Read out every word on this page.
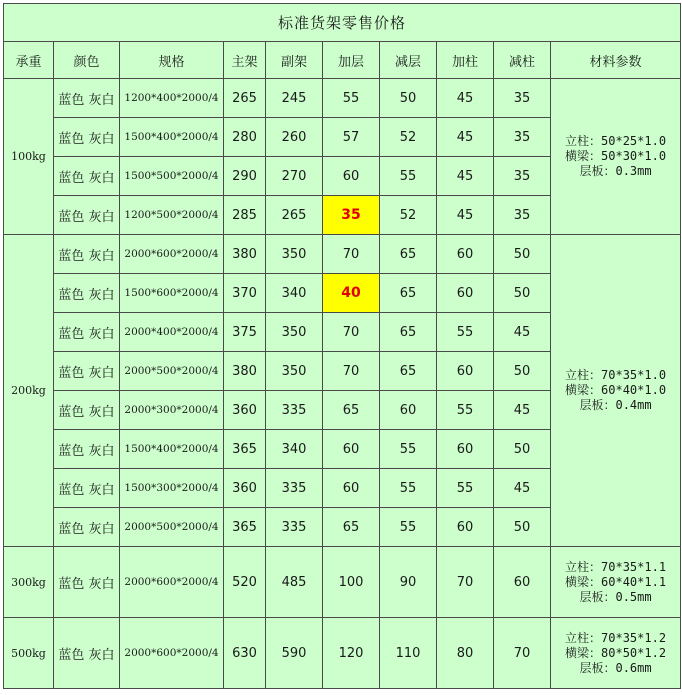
标准货架零售价格									
承重	颜色	规格	主架	副架	加层	减层	加柱	减柱	材料参数
100kg	蓝色 灰白	1200*400*2000/4	265	245	55	50	45	35	立柱：50*25*1.0
横梁：50*30*1.0
层板：0.3mm

	蓝色 灰白	1500*400*2000/4	280	260	57	52	45	35	
	蓝色 灰白	1500*500*2000/4	290	270	60	55	45	35	
	蓝色 灰白	1200*500*2000/4	285	265	35	52	45	35	
200kg	蓝色 灰白	2000*600*2000/4	380	350	70	65	60	50	立柱：70*35*1.0
横梁：60*40*1.0
层板：0.4mm

	蓝色 灰白	1500*600*2000/4	370	340	40	65	60	50	
	蓝色 灰白	2000*400*2000/4	375	350	70	65	55	45	
	蓝色 灰白	2000*500*2000/4	380	350	70	65	60	50	
	蓝色 灰白	2000*300*2000/4	360	335	65	60	55	45	
	蓝色 灰白	1500*400*2000/4	365	340	60	55	60	50	
	蓝色 灰白	1500*300*2000/4	360	335	60	55	55	45	
	蓝色 灰白	2000*500*2000/4	365	335	65	55	60	50	
300kg	蓝色 灰白	2000*600*2000/4	520	485	100	90	70	60	立柱：70*35*1.1
横梁：60*40*1.1
层板：0.5mm

500kg	蓝色 灰白	2000*600*2000/4	630	590	120	110	80	70	立柱：70*35*1.2
横梁：80*50*1.2
层板：0.6mm
